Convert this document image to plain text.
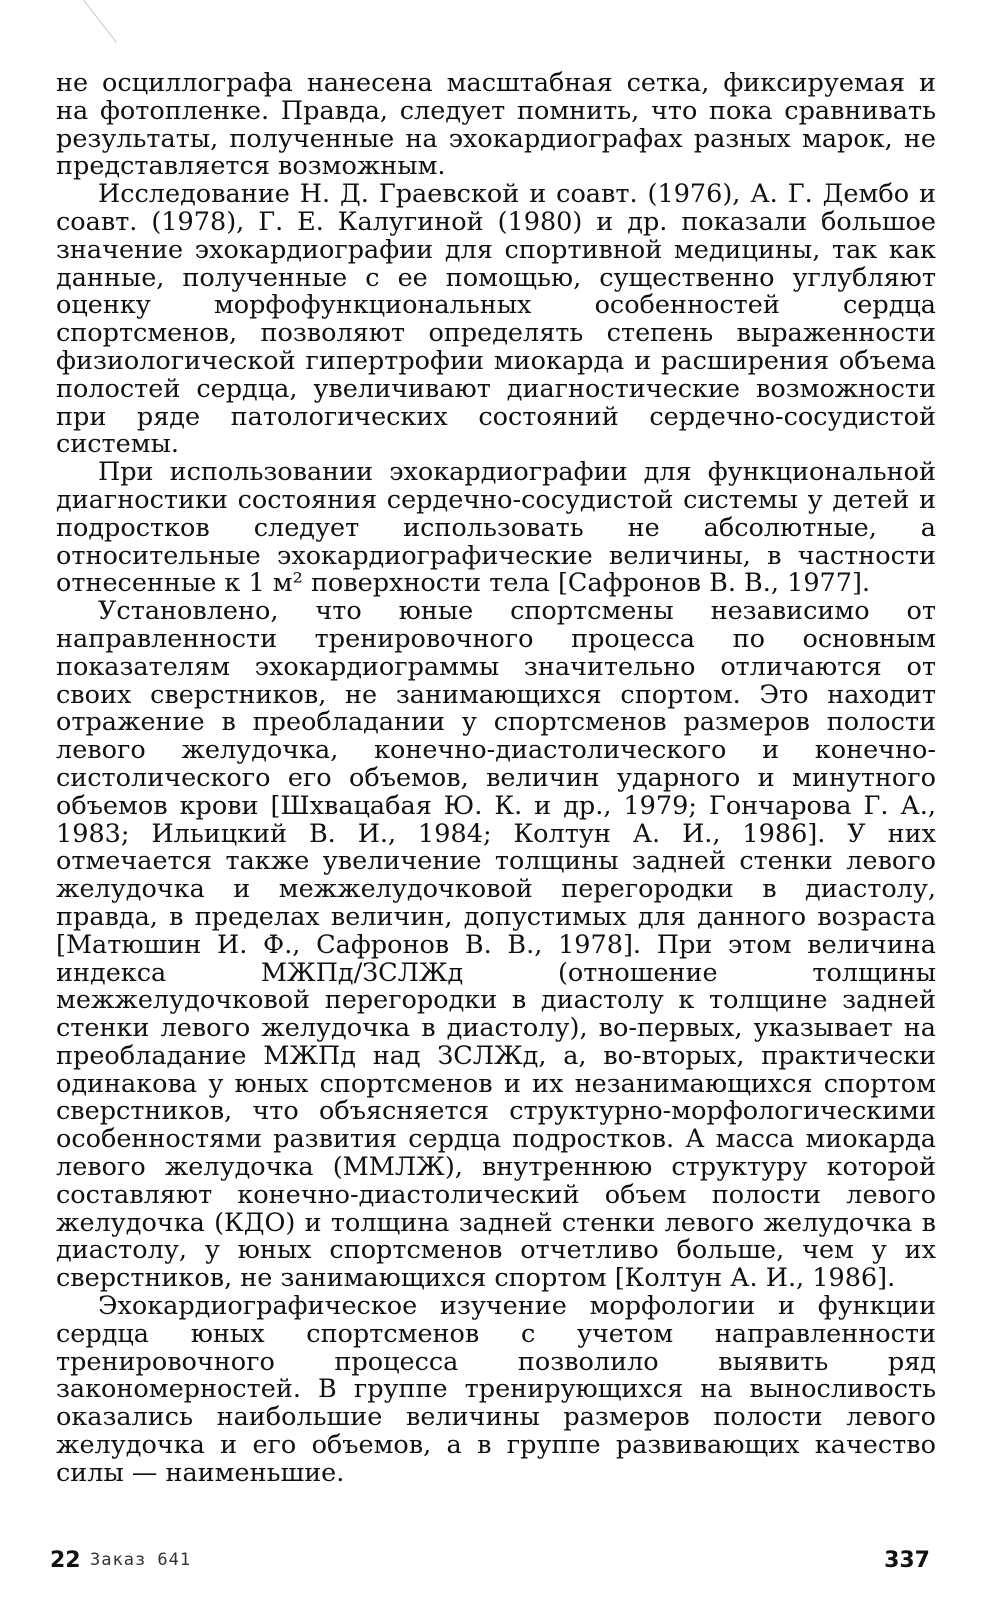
не осциллографа нанесена масштабная сетка, фиксируемая и на фотопленке. Правда, следует помнить, что пока сравнивать результаты, полученные на эхокардиографах разных марок, не представляется возможным.

Исследование Н. Д. Граевской и соавт. (1976), А. Г. Дембо и соавт. (1978), Г. Е. Калугиной (1980) и др. показали большое значение эхокардиографии для спортивной медицины, так как данные, полученные с ее помощью, существенно углубляют оценку морфофункциональных особенностей сердца спортсменов, позволяют определять степень выраженности физиологической гипертрофии миокарда и расширения объема полостей сердца, увеличивают диагностические возможности при ряде патологических состояний сердечно-сосудистой системы.

При использовании эхокардиографии для функциональной диагностики состояния сердечно-сосудистой системы у детей и подростков следует использовать не абсолютные, а относительные эхокардиографические величины, в частности отнесенные к 1 м² поверхности тела [Сафронов В. В., 1977].

Установлено, что юные спортсмены независимо от направленности тренировочного процесса по основным показателям эхокардиограммы значительно отличаются от своих сверстников, не занимающихся спортом. Это находит отражение в преобладании у спортсменов размеров полости левого желудочка, конечно-диастолического и конечно-систолического его объемов, величин ударного и минутного объемов крови [Шхвацабая Ю. К. и др., 1979; Гончарова Г. А., 1983; Ильицкий В. И., 1984; Колтун А. И., 1986]. У них отмечается также увеличение толщины задней стенки левого желудочка и межжелудочковой перегородки в диастолу, правда, в пределах величин, допустимых для данного возраста [Матюшин И. Ф., Сафронов В. В., 1978]. При этом величина индекса МЖПд/ЗСЛЖд (отношение толщины межжелудочковой перегородки в диастолу к толщине задней стенки левого желудочка в диастолу), во-первых, указывает на преобладание МЖПд над ЗСЛЖд, а, во-вторых, практически одинакова у юных спортсменов и их незанимающихся спортом сверстников, что объясняется структурно-морфологическими особенностями развития сердца подростков. А масса миокарда левого желудочка (ММЛЖ), внутреннюю структуру которой составляют конечно-диастолический объем полости левого желудочка (КДО) и толщина задней стенки левого желудочка в диастолу, у юных спортсменов отчетливо больше, чем у их сверстников, не занимающихся спортом [Колтун А. И., 1986].

Эхокардиографическое изучение морфологии и функции сердца юных спортсменов с учетом направленности тренировочного процесса позволило выявить ряд закономерностей. В группе тренирующихся на выносливость оказались наибольшие величины размеров полости левого желудочка и его объемов, а в группе развивающих качество силы — наименьшие.

22 Заказ 641	337
